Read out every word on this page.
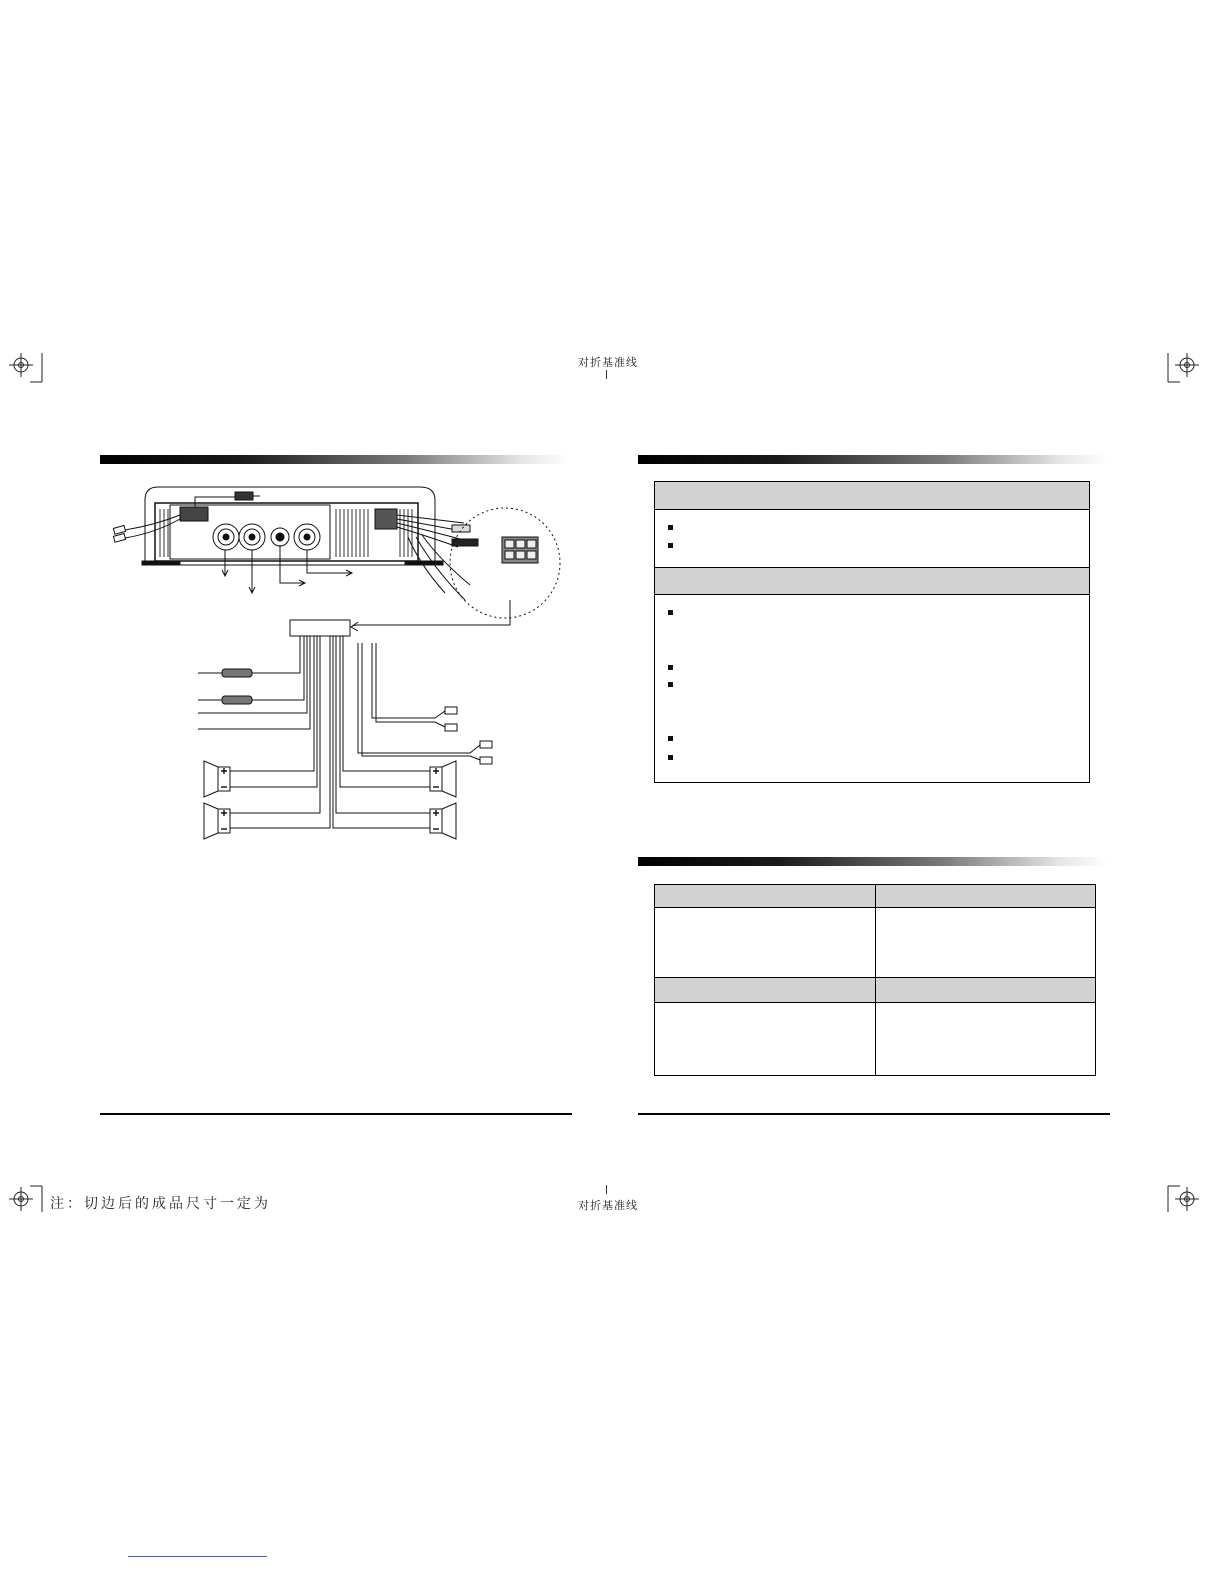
对折基准线
对折基准线
注：切边后的成品尺寸一定为
